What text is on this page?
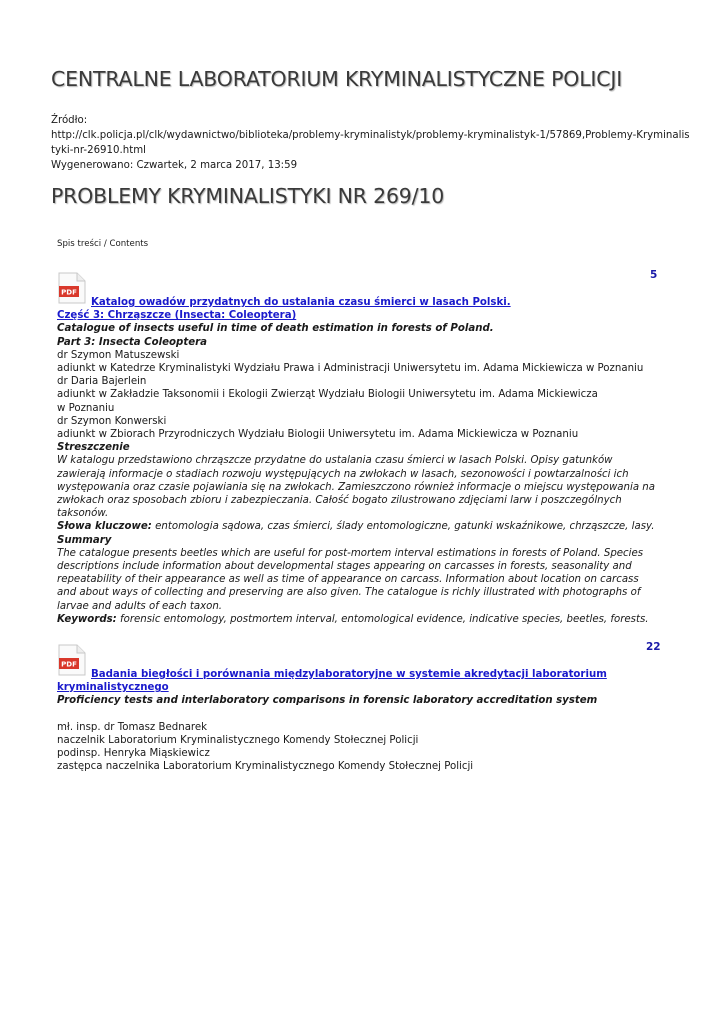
CENTRALNE LABORATORIUM KRYMINALISTYCZNE POLICJI
Źródło:
http://clk.policja.pl/clk/wydawnictwo/biblioteka/problemy-kryminalistyk/problemy-kryminalistyk-1/57869,Problemy-Kryminalis
tyki-nr-26910.html
Wygenerowano: Czwartek, 2 marca 2017, 13:59
PROBLEMY KRYMINALISTYKI NR 269/10
Spis treści / Contents
5
PDF
Katalog owadów przydatnych do ustalania czasu śmierci w lasach Polski.
Część 3: Chrząszcze (Insecta: Coleoptera)
Catalogue of insects useful in time of death estimation in forests of Poland.
Part 3: Insecta Coleoptera
dr Szymon Matuszewski
adiunkt w Katedrze Kryminalistyki Wydziału Prawa i Administracji Uniwersytetu im. Adama Mickiewicza w Poznaniu
dr Daria Bajerlein
adiunkt w Zakładzie Taksonomii i Ekologii Zwierząt Wydziału Biologii Uniwersytetu im. Adama Mickiewicza
w Poznaniu
dr Szymon Konwerski
adiunkt w Zbiorach Przyrodniczych Wydziału Biologii Uniwersytetu im. Adama Mickiewicza w Poznaniu
Streszczenie
W katalogu przedstawiono chrząszcze przydatne do ustalania czasu śmierci w lasach Polski. Opisy gatunków
zawierają informacje o stadiach rozwoju występujących na zwłokach w lasach, sezonowości i powtarzalności ich
występowania oraz czasie pojawiania się na zwłokach. Zamieszczono również informacje o miejscu występowania na
zwłokach oraz sposobach zbioru i zabezpieczania. Całość bogato zilustrowano zdjęciami larw i poszczególnych
taksonów.
Słowa kluczowe: entomologia sądowa, czas śmierci, ślady entomologiczne, gatunki wskaźnikowe, chrząszcze, lasy.
Summary
The catalogue presents beetles which are useful for post-mortem interval estimations in forests of Poland. Species
descriptions include information about developmental stages appearing on carcasses in forests, seasonality and
repeatability of their appearance as well as time of appearance on carcass. Information about location on carcass
and about ways of collecting and preserving are also given. The catalogue is richly illustrated with photographs of
larvae and adults of each taxon.
Keywords: forensic entomology, postmortem interval, entomological evidence, indicative species, beetles, forests.
22
PDF
Badania biegłości i porównania międzylaboratoryjne w systemie akredytacji laboratorium
kryminalistycznego
Proficiency tests and interlaboratory comparisons in forensic laboratory accreditation system
mł. insp. dr Tomasz Bednarek
naczelnik Laboratorium Kryminalistycznego Komendy Stołecznej Policji
podinsp. Henryka Miąskiewicz
zastępca naczelnika Laboratorium Kryminalistycznego Komendy Stołecznej Policji
